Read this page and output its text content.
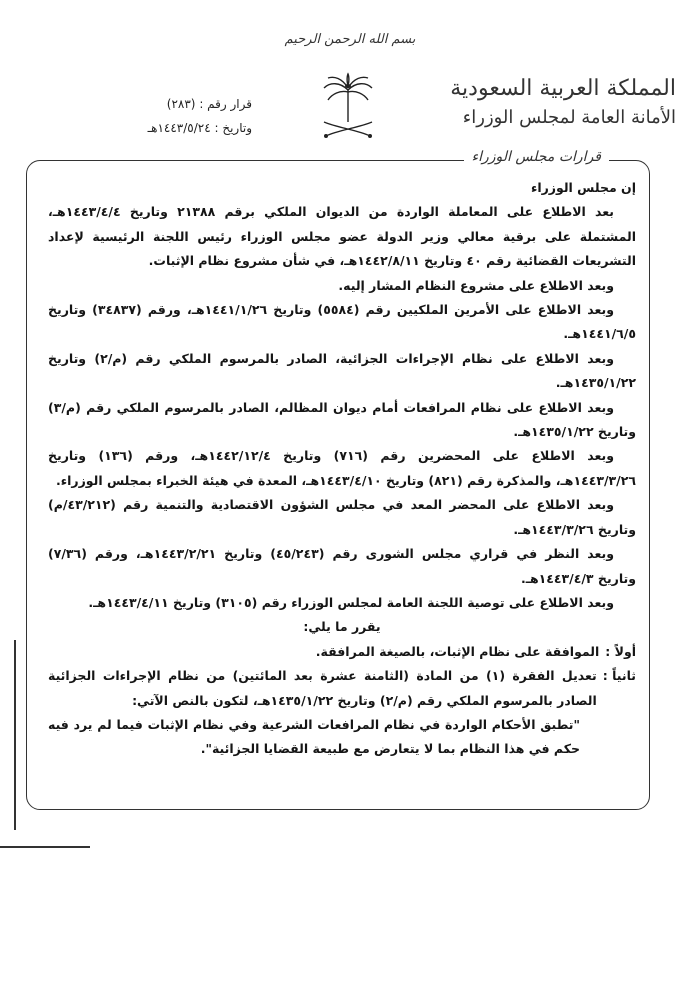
بسم الله الرحمن الرحيم
المملكة العربية السعودية
الأمانة العامة لمجلس الوزراء
قرار رقم : (٢٨٣)
وتاريخ : ١٤٤٣/٥/٢٤هـ
قرارات مجلس الوزراء

إن مجلس الوزراء

بعد الاطلاع على المعاملة الواردة من الديوان الملكي برقم ٢١٣٨٨ وتاريخ ١٤٤٣/٤/٤هـ، المشتملة على برقية معالي وزير الدولة عضو مجلس الوزراء رئيس اللجنة الرئيسية لإعداد التشريعات القضائية رقم ٤٠ وتاريخ ١٤٤٢/٨/١١هـ، في شأن مشروع نظام الإثبات.

وبعد الاطلاع على مشروع النظام المشار إليه.

وبعد الاطلاع على الأمرين الملكيين رقم (٥٥٨٤) وتاريخ ١٤٤١/١/٢٦هـ، ورقم (٣٤٨٣٧) وتاريخ ١٤٤١/٦/٥هـ.

وبعد الاطلاع على نظام الإجراءات الجزائية، الصادر بالمرسوم الملكي رقم (م/٢) وتاريخ ١٤٣٥/١/٢٢هـ.

وبعد الاطلاع على نظام المرافعات أمام ديوان المظالم، الصادر بالمرسوم الملكي رقم (م/٣) وتاريخ ١٤٣٥/١/٢٢هـ.

وبعد الاطلاع على المحضرين رقم (٧١٦) وتاريخ ١٤٤٢/١٢/٤هـ، ورقم (١٣٦) وتاريخ ١٤٤٣/٣/٢٦هـ، والمذكرة رقم (٨٢١) وتاريخ ١٤٤٣/٤/١٠هـ، المعدة في هيئة الخبراء بمجلس الوزراء.

وبعد الاطلاع على المحضر المعد في مجلس الشؤون الاقتصادية والتنمية رقم (٤٣/٢١٢/م) وتاريخ ١٤٤٣/٣/٢٦هـ.

وبعد النظر في قراري مجلس الشورى رقم (٤٥/٢٤٣) وتاريخ ١٤٤٣/٢/٢١هـ، ورقم (٧/٣٦) وتاريخ ١٤٤٣/٤/٣هـ.

وبعد الاطلاع على توصية اللجنة العامة لمجلس الوزراء رقم (٣١٠٥) وتاريخ ١٤٤٣/٤/١١هـ.

يقرر ما يلي:

أولاً :
الموافقة على نظام الإثبات، بالصيغة المرافقة.
ثانياً :
تعديل الفقرة (١) من المادة (الثامنة عشرة بعد المائتين) من نظام الإجراءات الجزائية الصادر بالمرسوم الملكي رقم (م/٢) وتاريخ ١٤٣٥/١/٢٢هـ، لتكون بالنص الآتي:

"تطبق الأحكام الواردة في نظام المرافعات الشرعية وفي نظام الإثبات فيما لم يرد فيه حكم في هذا النظام بما لا يتعارض مع طبيعة القضايا الجزائية".
